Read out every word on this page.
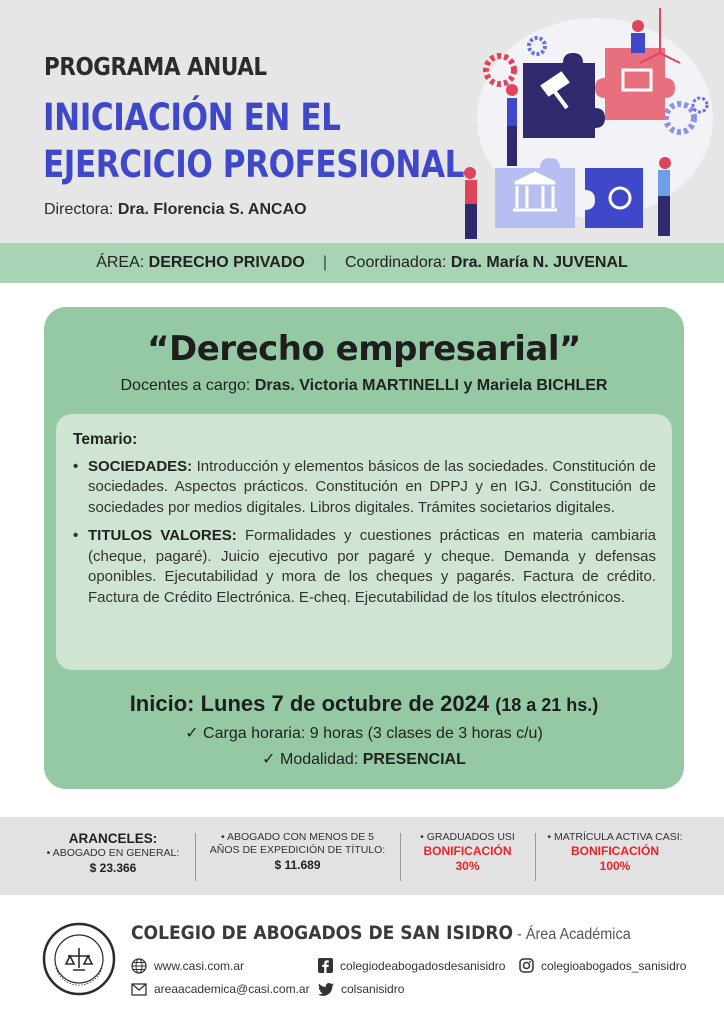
PROGRAMA ANUAL
INICIACIÓN EN EL
EJERCICIO PROFESIONAL
Directora: Dra. Florencia S. ANCAO
ÁREA:
DERECHO PRIVADO | Coordinadora:
Dra. María N. JUVENAL
“Derecho empresarial”
Docentes a cargo: Dras. Victoria MARTINELLI y Mariela BICHLER
Temario:
• SOCIEDADES: Introducción y elementos básicos de las sociedades. Constitución de sociedades. Aspectos prácticos. Constitución en DPPJ y en IGJ. Constitución de sociedades por medios digitales. Libros digitales. Trámites societarios digitales.
• TITULOS VALORES: Formalidades y cuestiones prácticas en materia cambiaria (cheque, pagaré). Juicio ejecutivo por pagaré y cheque. Demanda y defensas oponibles. Ejecutabilidad y mora de los cheques y pagarés. Factura de crédito. Factura de Crédito Electrónica. E-cheq. Ejecutabilidad de los títulos electrónicos.
Inicio: Lunes 7 de octubre de 2024 (18 a 21 hs.)
✓ Carga horaria: 9 horas (3 clases de 3 horas c/u)
✓ Modalidad: PRESENCIAL
ARANCELES:
• ABOGADO EN GENERAL:
$ 23.366
• ABOGADO CON MENOS DE 5
AÑOS DE EXPEDICIÓN DE TÍTULO:
$ 11.689
• GRADUADOS USI
BONIFICACIÓN
30%
• MATRÍCULA ACTIVA CASI:
BONIFICACIÓN
100%
COLEGIO DE ABOGADOS DE SAN ISIDRO - Área Académica
www.casi.com.ar	colegiodeabogadosdesanisidro	colegioabogados_sanisidro
areaacademica@casi.com.ar	colsanisidro
